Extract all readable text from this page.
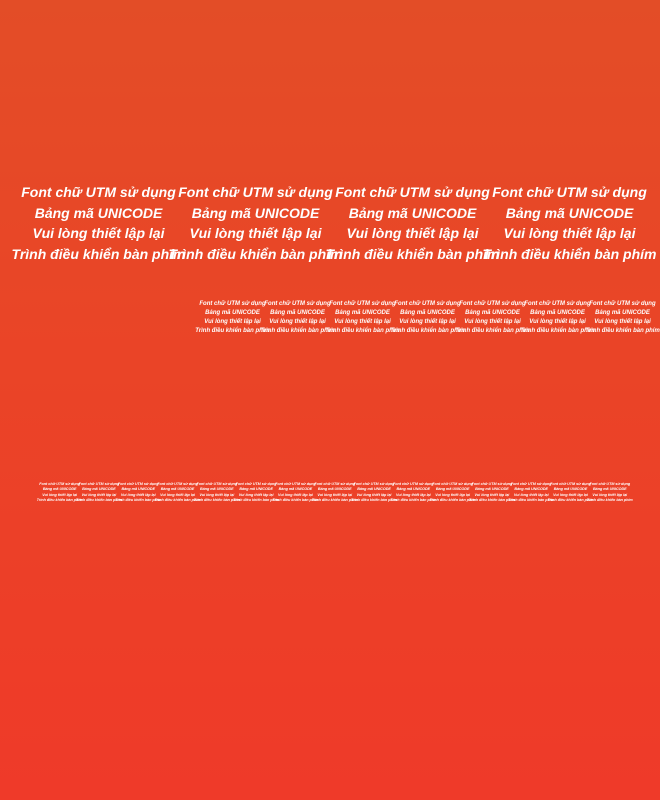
Font chữ UTM sử dụng
Bảng mã UNICODE
Vui lòng thiết lập lại
Trình điều khiển bàn phím
Font chữ UTM sử dụng
Bảng mã UNICODE
Vui lòng thiết lập lại
Trình điều khiển bàn phím
Font chữ UTM sử dụng
Bảng mã UNICODE
Vui lòng thiết lập lại
Trình điều khiển bàn phím
Font chữ UTM sử dụng
Bảng mã UNICODE
Vui lòng thiết lập lại
Trình điều khiển bàn phím
Font chữ UTM sử dụng
Bảng mã UNICODE
Vui lòng thiết lập lại
Trình điều khiển bàn phím
Font chữ UTM sử dụng
Bảng mã UNICODE
Vui lòng thiết lập lại
Trình điều khiển bàn phím
Font chữ UTM sử dụng
Bảng mã UNICODE
Vui lòng thiết lập lại
Trình điều khiển bàn phím
Font chữ UTM sử dụng
Bảng mã UNICODE
Vui lòng thiết lập lại
Trình điều khiển bàn phím
Font chữ UTM sử dụng
Bảng mã UNICODE
Vui lòng thiết lập lại
Trình điều khiển bàn phím
Font chữ UTM sử dụng
Bảng mã UNICODE
Vui lòng thiết lập lại
Trình điều khiển bàn phím
Font chữ UTM sử dụng
Bảng mã UNICODE
Vui lòng thiết lập lại
Trình điều khiển bàn phím
Font chữ UTM sử dụng
Bảng mã UNICODE
Vui lòng thiết lập lại
Trình điều khiển bàn phím
Font chữ UTM sử dụng
Bảng mã UNICODE
Vui lòng thiết lập lại
Trình điều khiển bàn phím
Font chữ UTM sử dụng
Bảng mã UNICODE
Vui lòng thiết lập lại
Trình điều khiển bàn phím
Font chữ UTM sử dụng
Bảng mã UNICODE
Vui lòng thiết lập lại
Trình điều khiển bàn phím
Font chữ UTM sử dụng
Bảng mã UNICODE
Vui lòng thiết lập lại
Trình điều khiển bàn phím
Font chữ UTM sử dụng
Bảng mã UNICODE
Vui lòng thiết lập lại
Trình điều khiển bàn phím
Font chữ UTM sử dụng
Bảng mã UNICODE
Vui lòng thiết lập lại
Trình điều khiển bàn phím
Font chữ UTM sử dụng
Bảng mã UNICODE
Vui lòng thiết lập lại
Trình điều khiển bàn phím
Font chữ UTM sử dụng
Bảng mã UNICODE
Vui lòng thiết lập lại
Trình điều khiển bàn phím
Font chữ UTM sử dụng
Bảng mã UNICODE
Vui lòng thiết lập lại
Trình điều khiển bàn phím
Font chữ UTM sử dụng
Bảng mã UNICODE
Vui lòng thiết lập lại
Trình điều khiển bàn phím
Font chữ UTM sử dụng
Bảng mã UNICODE
Vui lòng thiết lập lại
Trình điều khiển bàn phím
Font chữ UTM sử dụng
Bảng mã UNICODE
Vui lòng thiết lập lại
Trình điều khiển bàn phím
Font chữ UTM sử dụng
Bảng mã UNICODE
Vui lòng thiết lập lại
Trình điều khiển bàn phím
Font chữ UTM sử dụng
Bảng mã UNICODE
Vui lòng thiết lập lại
Trình điều khiển bàn phím
